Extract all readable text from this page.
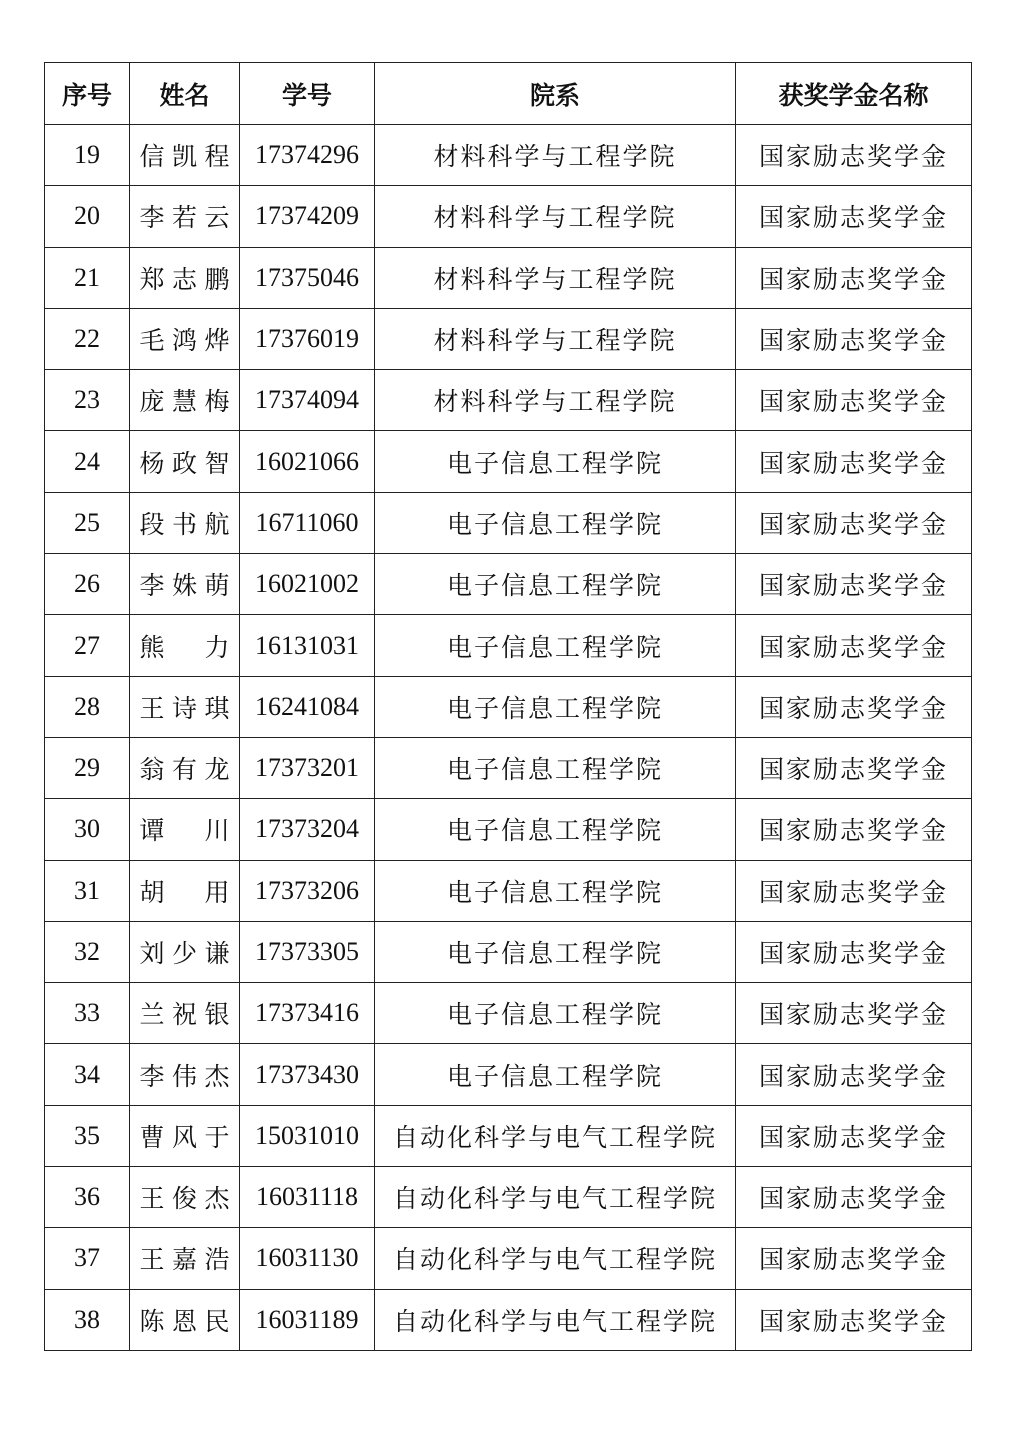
序号	姓名	学号	院系	获奖学金名称
19	信 凯 程	17374296	材料科学与工程学院	国家励志奖学金
20	李 若 云	17374209	材料科学与工程学院	国家励志奖学金
21	郑 志 鹏	17375046	材料科学与工程学院	国家励志奖学金
22	毛 鸿 烨	17376019	材料科学与工程学院	国家励志奖学金
23	庞 慧 梅	17374094	材料科学与工程学院	国家励志奖学金
24	杨 政 智	16021066	电子信息工程学院	国家励志奖学金
25	段 书 航	16711060	电子信息工程学院	国家励志奖学金
26	李 姝 萌	16021002	电子信息工程学院	国家励志奖学金
27	熊 力	16131031	电子信息工程学院	国家励志奖学金
28	王 诗 琪	16241084	电子信息工程学院	国家励志奖学金
29	翁 有 龙	17373201	电子信息工程学院	国家励志奖学金
30	谭 川	17373204	电子信息工程学院	国家励志奖学金
31	胡 用	17373206	电子信息工程学院	国家励志奖学金
32	刘 少 谦	17373305	电子信息工程学院	国家励志奖学金
33	兰 祝 银	17373416	电子信息工程学院	国家励志奖学金
34	李 伟 杰	17373430	电子信息工程学院	国家励志奖学金
35	曹 风 于	15031010	自动化科学与电气工程学院	国家励志奖学金
36	王 俊 杰	16031118	自动化科学与电气工程学院	国家励志奖学金
37	王 嘉 浩	16031130	自动化科学与电气工程学院	国家励志奖学金
38	陈 恩 民	16031189	自动化科学与电气工程学院	国家励志奖学金
